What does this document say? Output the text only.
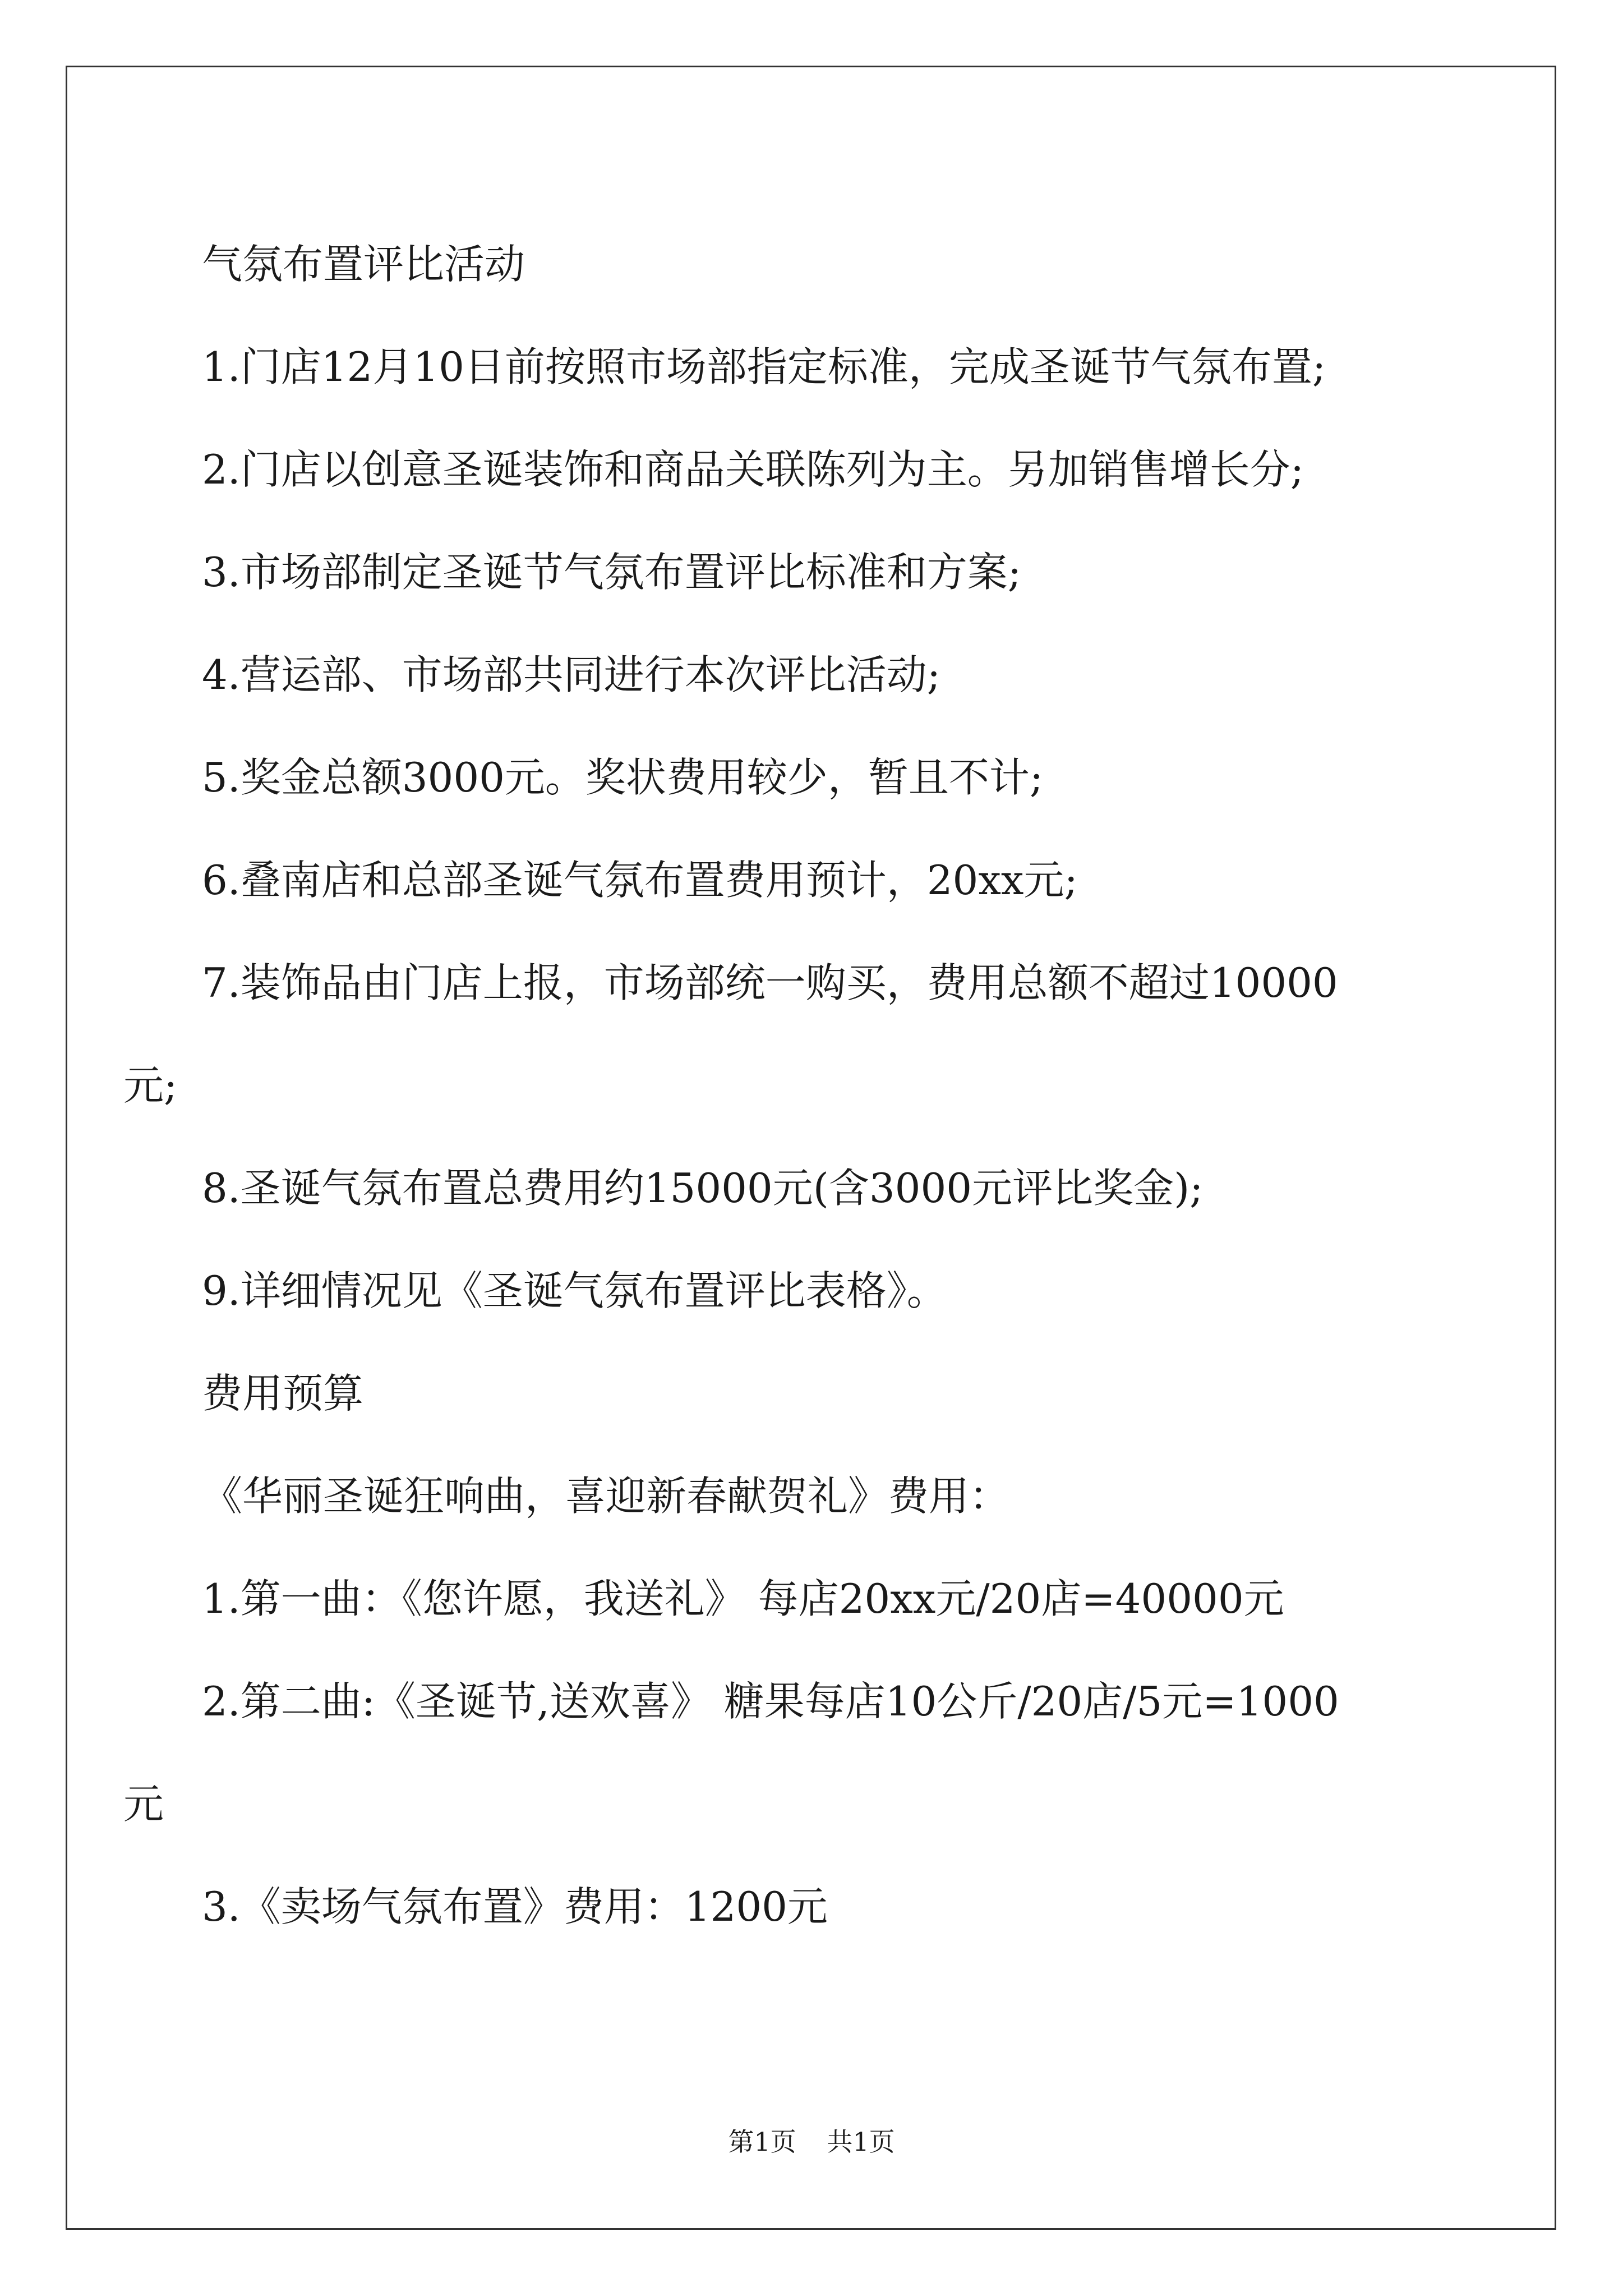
气氛布置评比活动

1.门店12月10日前按照市场部指定标准，完成圣诞节气氛布置;

2.门店以创意圣诞装饰和商品关联陈列为主。另加销售增长分;

3.市场部制定圣诞节气氛布置评比标准和方案;

4.营运部、市场部共同进行本次评比活动;

5.奖金总额3000元。奖状费用较少，暂且不计;

6.叠南店和总部圣诞气氛布置费用预计，20xx元;

7.装饰品由门店上报，市场部统一购买，费用总额不超过10000

元;

8.圣诞气氛布置总费用约15000元(含3000元评比奖金);

9.详细情况见《圣诞气氛布置评比表格》。

费用预算

《华丽圣诞狂响曲，喜迎新春献贺礼》费用：

1.第一曲：《您许愿，我送礼》 每店20xx元/20店=40000元

2.第二曲:《圣诞节,送欢喜》 糖果每店10公斤/20店/5元=1000

元

3.《卖场气氛布置》费用：1200元

第1页 共1页
